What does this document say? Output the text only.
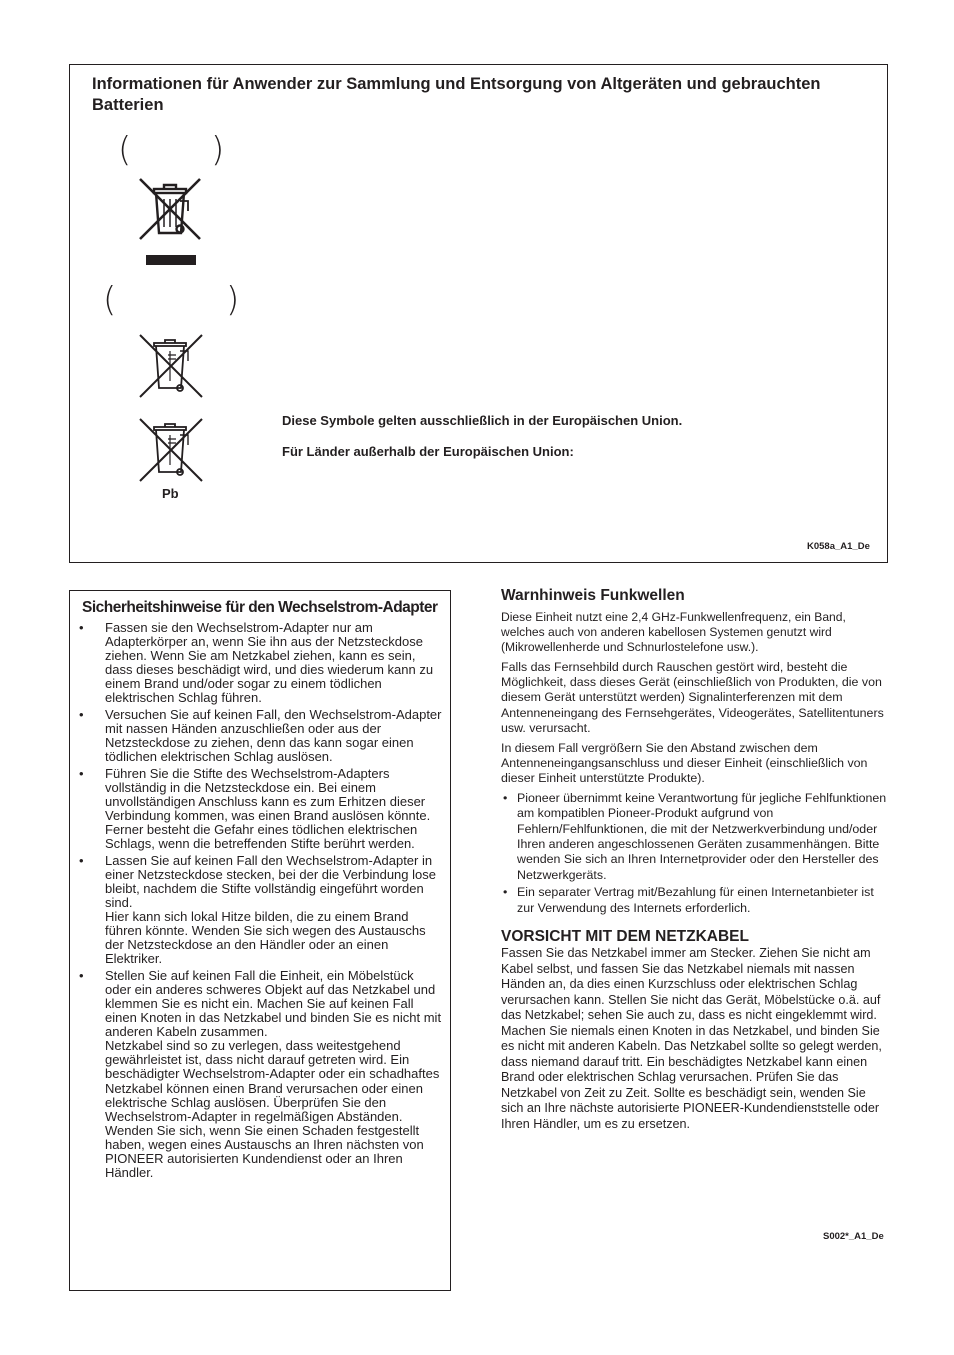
Informationen für Anwender zur Sammlung und Entsorgung von Altgeräten und gebrauchten Batterien
( )
(	)
Pb

Diese Symbole gelten ausschließlich in der Europäischen Union.

Für Länder außerhalb der Europäischen Union:

K058a_A1_De
Sicherheitshinweise für den Wechselstrom-Adapter
• Fassen sie den Wechselstrom-Adapter nur am Adapterkörper an, wenn Sie ihn aus der Netzsteckdose ziehen. Wenn Sie am Netzkabel ziehen, kann es sein, dass dieses beschädigt wird, und dies wiederum kann zu einem Brand und/oder sogar zu einem tödlichen elektrischen Schlag führen.
• Versuchen Sie auf keinen Fall, den Wechselstrom-Adapter mit nassen Händen anzuschließen oder aus der Netzsteckdose zu ziehen, denn das kann sogar einen tödlichen elektrischen Schlag auslösen.
• Führen Sie die Stifte des Wechselstrom-Adapters vollständig in die Netzsteckdose ein. Bei einem unvollständigen Anschluss kann es zum Erhitzen dieser Verbindung kommen, was einen Brand auslösen könnte. Ferner besteht die Gefahr eines tödlichen elektrischen Schlags, wenn die betreffenden Stifte berührt werden.
• Lassen Sie auf keinen Fall den Wechselstrom-Adapter in einer Netzsteckdose stecken, bei der die Verbindung lose bleibt, nachdem die Stifte vollständig eingeführt worden sind.
Hier kann sich lokal Hitze bilden, die zu einem Brand führen könnte. Wenden Sie sich wegen des Austauschs der Netzsteckdose an den Händler oder an einen Elektriker.
• Stellen Sie auf keinen Fall die Einheit, ein Möbelstück oder ein anderes schweres Objekt auf das Netzkabel und klemmen Sie es nicht ein. Machen Sie auf keinen Fall einen Knoten in das Netzkabel und binden Sie es nicht mit anderen Kabeln zusammen.
Netzkabel sind so zu verlegen, dass weitestgehend gewährleistet ist, dass nicht darauf getreten wird. Ein beschädigter Wechselstrom-Adapter oder ein schadhaftes Netzkabel können einen Brand verursachen oder einen elektrische Schlag auslösen. Überprüfen Sie den Wechselstrom-Adapter in regelmäßigen Abständen. Wenden Sie sich, wenn Sie einen Schaden festgestellt haben, wegen eines Austauschs an Ihren nächsten von PIONEER autorisierten Kundendienst oder an Ihren Händler.
Warnhinweis Funkwellen

Diese Einheit nutzt eine 2,4 GHz-Funkwellenfrequenz, ein Band, welches auch von anderen kabellosen Systemen genutzt wird (Mikrowellenherde und Schnurlostelefone usw.).

Falls das Fernsehbild durch Rauschen gestört wird, besteht die Möglichkeit, dass dieses Gerät (einschließlich von Produkten, die von diesem Gerät unterstützt werden) Signalinterferenzen mit dem Antenneneingang des Fernsehgerätes, Videogerätes, Satellitentuners usw. verursacht.

In diesem Fall vergrößern Sie den Abstand zwischen dem Antenneneingangsanschluss und dieser Einheit (einschließlich von dieser Einheit unterstützte Produkte).

• Pioneer übernimmt keine Verantwortung für jegliche Fehlfunktionen am kompatiblen Pioneer-Produkt aufgrund von Fehlern/Fehlfunktionen, die mit der Netzwerkverbindung und/oder Ihren anderen angeschlossenen Geräten zusammenhängen. Bitte wenden Sie sich an Ihren Internetprovider oder den Hersteller des Netzwerkgeräts.
• Ein separater Vertrag mit/Bezahlung für einen Internetanbieter ist zur Verwendung des Internets erforderlich.
VORSICHT MIT DEM NETZKABEL

Fassen Sie das Netzkabel immer am Stecker. Ziehen Sie nicht am Kabel selbst, und fassen Sie das Netzkabel niemals mit nassen Händen an, da dies einen Kurzschluss oder elektrischen Schlag verursachen kann. Stellen Sie nicht das Gerät, Möbelstücke o.ä. auf das Netzkabel; sehen Sie auch zu, dass es nicht eingeklemmt wird. Machen Sie niemals einen Knoten in das Netzkabel, und binden Sie es nicht mit anderen Kabeln. Das Netzkabel sollte so gelegt werden, dass niemand darauf tritt. Ein beschädigtes Netzkabel kann einen Brand oder elektrischen Schlag verursachen. Prüfen Sie das Netzkabel von Zeit zu Zeit. Sollte es beschädigt sein, wenden Sie sich an Ihre nächste autorisierte PIONEER-Kundendienststelle oder Ihren Händler, um es zu ersetzen.

S002*_A1_De
